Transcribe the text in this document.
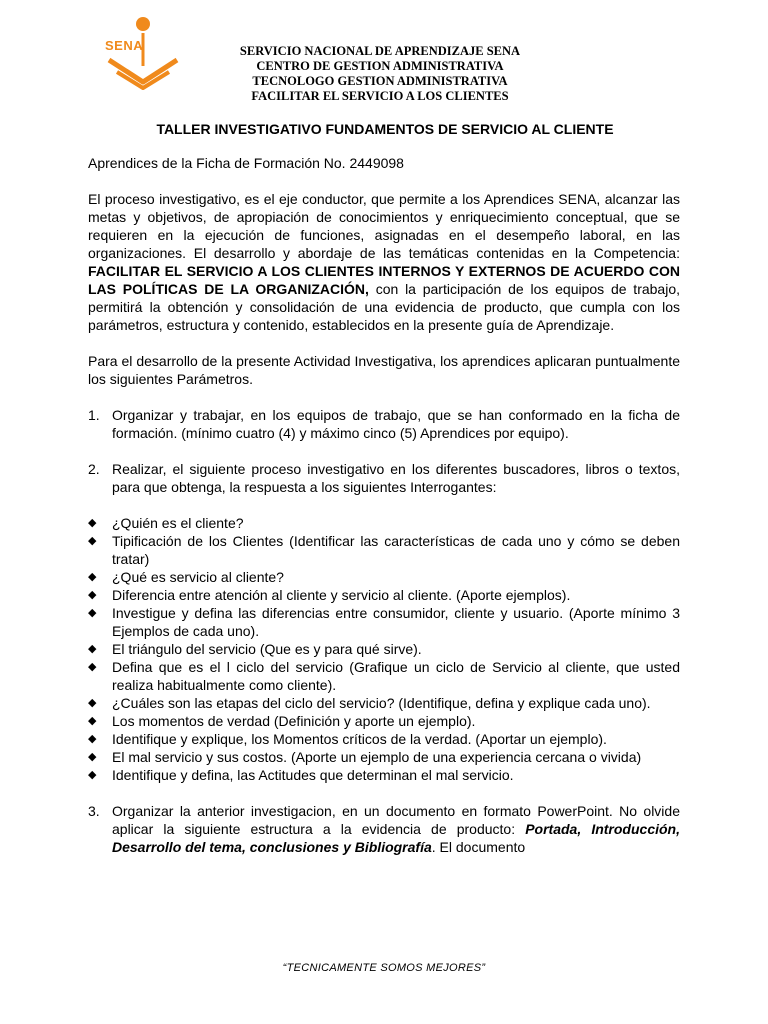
SENA	SERVICIO NACIONAL DE APRENDIZAJE SENA
CENTRO DE GESTION ADMINISTRATIVA
TECNOLOGO GESTION ADMINISTRATIVA
FACILITAR EL SERVICIO A LOS CLIENTES
TALLER INVESTIGATIVO FUNDAMENTOS DE SERVICIO AL CLIENTE

Aprendices de la Ficha de Formación No. 2449098

El proceso investigativo, es el eje conductor, que permite a los Aprendices SENA, alcanzar las metas y objetivos, de apropiación de conocimientos y enriquecimiento conceptual, que se requieren en la ejecución de funciones, asignadas en el desempeño laboral, en las organizaciones. El desarrollo y abordaje de las temáticas contenidas en la Competencia: FACILITAR EL SERVICIO A LOS CLIENTES INTERNOS Y EXTERNOS DE ACUERDO CON LAS POLÍTICAS DE LA ORGANIZACIÓN, con la participación de los equipos de trabajo, permitirá la obtención y consolidación de una evidencia de producto, que cumpla con los parámetros, estructura y contenido, establecidos en la presente guía de Aprendizaje.

Para el desarrollo de la presente Actividad Investigativa, los aprendices aplicaran puntualmente los siguientes Parámetros.

1. Organizar y trabajar, en los equipos de trabajo, que se han conformado en la ficha de formación. (mínimo cuatro (4) y máximo cinco (5) Aprendices por equipo).
2. Realizar, el siguiente proceso investigativo en los diferentes buscadores, libros o textos, para que obtenga, la respuesta a los siguientes Interrogantes:
◆	¿Quién es el cliente?
◆	Tipificación de los Clientes (Identificar las características de cada uno y cómo se deben tratar)
◆	¿Qué es servicio al cliente?
◆	Diferencia entre atención al cliente y servicio al cliente. (Aporte ejemplos).
◆	Investigue y defina las diferencias entre consumidor, cliente y usuario. (Aporte mínimo 3 Ejemplos de cada uno).
◆	El triángulo del servicio (Que es y para qué sirve).
◆	Defina que es el l ciclo del servicio (Grafique un ciclo de Servicio al cliente, que usted realiza habitualmente como cliente).
◆	¿Cuáles son las etapas del ciclo del servicio? (Identifique, defina y explique cada uno).
◆	Los momentos de verdad (Definición y aporte un ejemplo).
◆	Identifique y explique, los Momentos críticos de la verdad. (Aportar un ejemplo).
◆	El mal servicio y sus costos. (Aporte un ejemplo de una experiencia cercana o vivida)
◆	Identifique y defina, las Actitudes que determinan el mal servicio.
3. Organizar la anterior investigacion, en un documento en formato PowerPoint. No olvide aplicar la siguiente estructura a la evidencia de producto: Portada, Introducción, Desarrollo del tema, conclusiones y Bibliografía. El documento
“TECNICAMENTE SOMOS MEJORES”
